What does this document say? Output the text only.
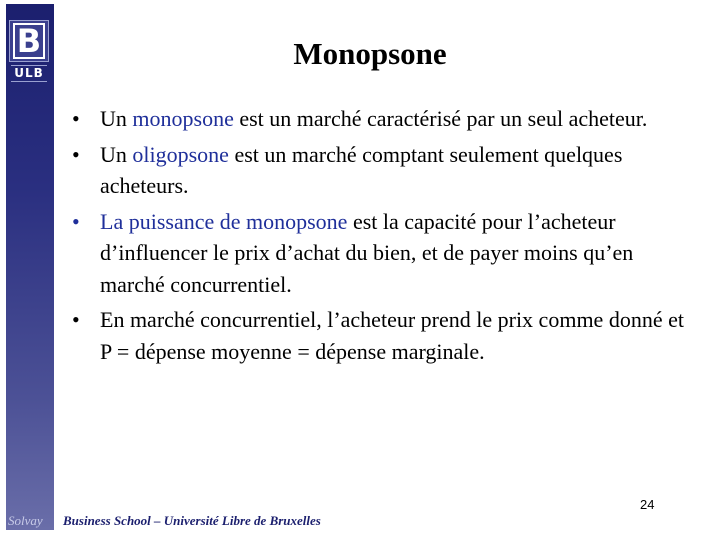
B
ULB
Monopsone
• Un monopsone est un marché caractérisé par un seul acheteur.
• Un oligopsone est un marché comptant seulement quelques acheteurs.
• La puissance de monopsone est la capacité pour l’acheteur d’influencer le prix d’achat du bien, et de payer moins qu’en marché concurrentiel.
• En marché concurrentiel, l’acheteur prend le prix comme donné et P = dépense moyenne = dépense marginale.
24
Solvay Business School – Université Libre de Bruxelles
